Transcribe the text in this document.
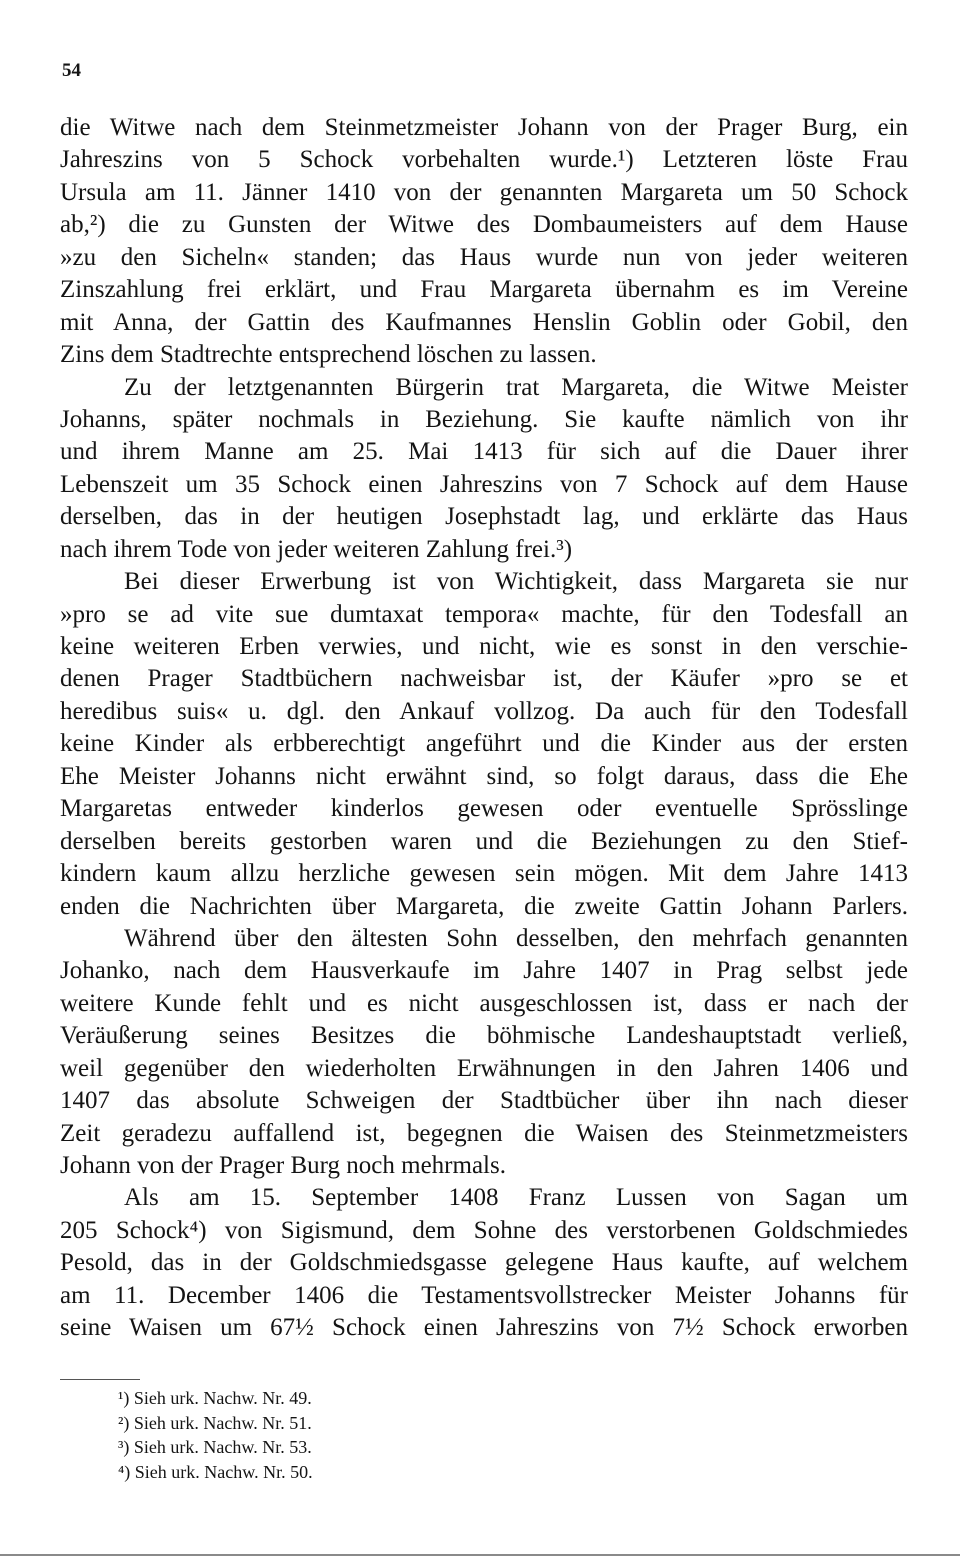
54
die Witwe nach dem Steinmetzmeister Johann von der Prager Burg, ein
Jahreszins von 5 Schock vorbehalten wurde.¹) Letzteren löste Frau
Ursula am 11. Jänner 1410 von der genannten Margareta um 50 Schock
ab,²) die zu Gunsten der Witwe des Dombaumeisters auf dem Hause
»zu den Sicheln« standen; das Haus wurde nun von jeder weiteren
Zinszahlung frei erklärt, und Frau Margareta übernahm es im Vereine
mit Anna, der Gattin des Kaufmannes Henslin Goblin oder Gobil, den
Zins dem Stadtrechte entsprechend löschen zu lassen.
Zu der letztgenannten Bürgerin trat Margareta, die Witwe Meister
Johanns, später nochmals in Beziehung. Sie kaufte nämlich von ihr
und ihrem Manne am 25. Mai 1413 für sich auf die Dauer ihrer
Lebenszeit um 35 Schock einen Jahreszins von 7 Schock auf dem Hause
derselben, das in der heutigen Josephstadt lag, und erklärte das Haus
nach ihrem Tode von jeder weiteren Zahlung frei.³)
Bei dieser Erwerbung ist von Wichtigkeit, dass Margareta sie nur
»pro se ad vite sue dumtaxat tempora« machte, für den Todesfall an
keine weiteren Erben verwies, und nicht, wie es sonst in den verschie-
denen Prager Stadtbüchern nachweisbar ist, der Käufer »pro se et
heredibus suis« u. dgl. den Ankauf vollzog. Da auch für den Todesfall
keine Kinder als erbberechtigt angeführt und die Kinder aus der ersten
Ehe Meister Johanns nicht erwähnt sind, so folgt daraus, dass die Ehe
Margaretas entweder kinderlos gewesen oder eventuelle Sprösslinge
derselben bereits gestorben waren und die Beziehungen zu den Stief-
kindern kaum allzu herzliche gewesen sein mögen. Mit dem Jahre 1413
enden die Nachrichten über Margareta, die zweite Gattin Johann Parlers.
Während über den ältesten Sohn desselben, den mehrfach genannten
Johanko, nach dem Hausverkaufe im Jahre 1407 in Prag selbst jede
weitere Kunde fehlt und es nicht ausgeschlossen ist, dass er nach der
Veräußerung seines Besitzes die böhmische Landeshauptstadt verließ,
weil gegenüber den wiederholten Erwähnungen in den Jahren 1406 und
1407 das absolute Schweigen der Stadtbücher über ihn nach dieser
Zeit geradezu auffallend ist, begegnen die Waisen des Steinmetzmeisters
Johann von der Prager Burg noch mehrmals.
Als am 15. September 1408 Franz Lussen von Sagan um
205 Schock⁴) von Sigismund, dem Sohne des verstorbenen Goldschmiedes
Pesold, das in der Goldschmiedsgasse gelegene Haus kaufte, auf welchem
am 11. December 1406 die Testamentsvollstrecker Meister Johanns für
seine Waisen um 67½ Schock einen Jahreszins von 7½ Schock erworben
¹) Sieh urk. Nachw. Nr. 49.
²) Sieh urk. Nachw. Nr. 51.
³) Sieh urk. Nachw. Nr. 53.
⁴) Sieh urk. Nachw. Nr. 50.
